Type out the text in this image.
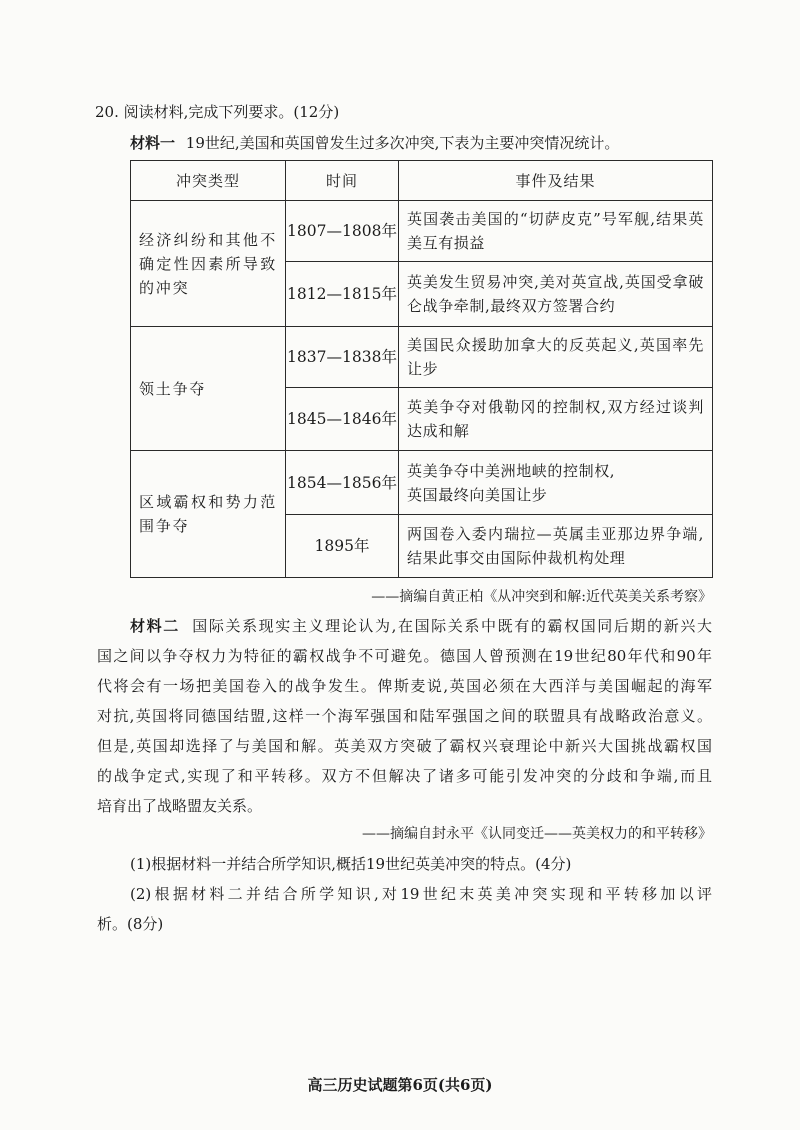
20. 阅读材料,完成下列要求。(12分)
材料一 19世纪,美国和英国曾发生过多次冲突,下表为主要冲突情况统计。
冲突类型	时间	事件及结果
经济纠纷和其他不确定性因素所导致的冲突	1807—1808年	英国袭击美国的“切萨皮克”号军舰,结果英美互有损益
	1812—1815年	英美发生贸易冲突,美对英宣战,英国受拿破仑战争牵制,最终双方签署合约
领土争夺	1837—1838年	美国民众援助加拿大的反英起义,英国率先让步
	1845—1846年	英美争夺对俄勒冈的控制权,双方经过谈判达成和解
区域霸权和势力范围争夺	1854—1856年	英美争夺中美洲地峡的控制权,
英国最终向美国让步
	1895年	两国卷入委内瑞拉—英属圭亚那边界争端,结果此事交由国际仲裁机构处理
——摘编自黄正柏《从冲突到和解:近代英美关系考察》
材料二 国际关系现实主义理论认为,在国际关系中既有的霸权国同后期的新兴大
国之间以争夺权力为特征的霸权战争不可避免。德国人曾预测在19世纪80年代和90年
代将会有一场把美国卷入的战争发生。俾斯麦说,英国必须在大西洋与美国崛起的海军
对抗,英国将同德国结盟,这样一个海军强国和陆军强国之间的联盟具有战略政治意义。
但是,英国却选择了与美国和解。英美双方突破了霸权兴衰理论中新兴大国挑战霸权国
的战争定式,实现了和平转移。双方不但解决了诸多可能引发冲突的分歧和争端,而且
培育出了战略盟友关系。
——摘编自封永平《认同变迁——英美权力的和平转移》
(1)根据材料一并结合所学知识,概括19世纪英美冲突的特点。(4分)
(2)根据材料二并结合所学知识,对19世纪末英美冲突实现和平转移加以评
析。(8分)
高三历史试题第6页(共6页)
